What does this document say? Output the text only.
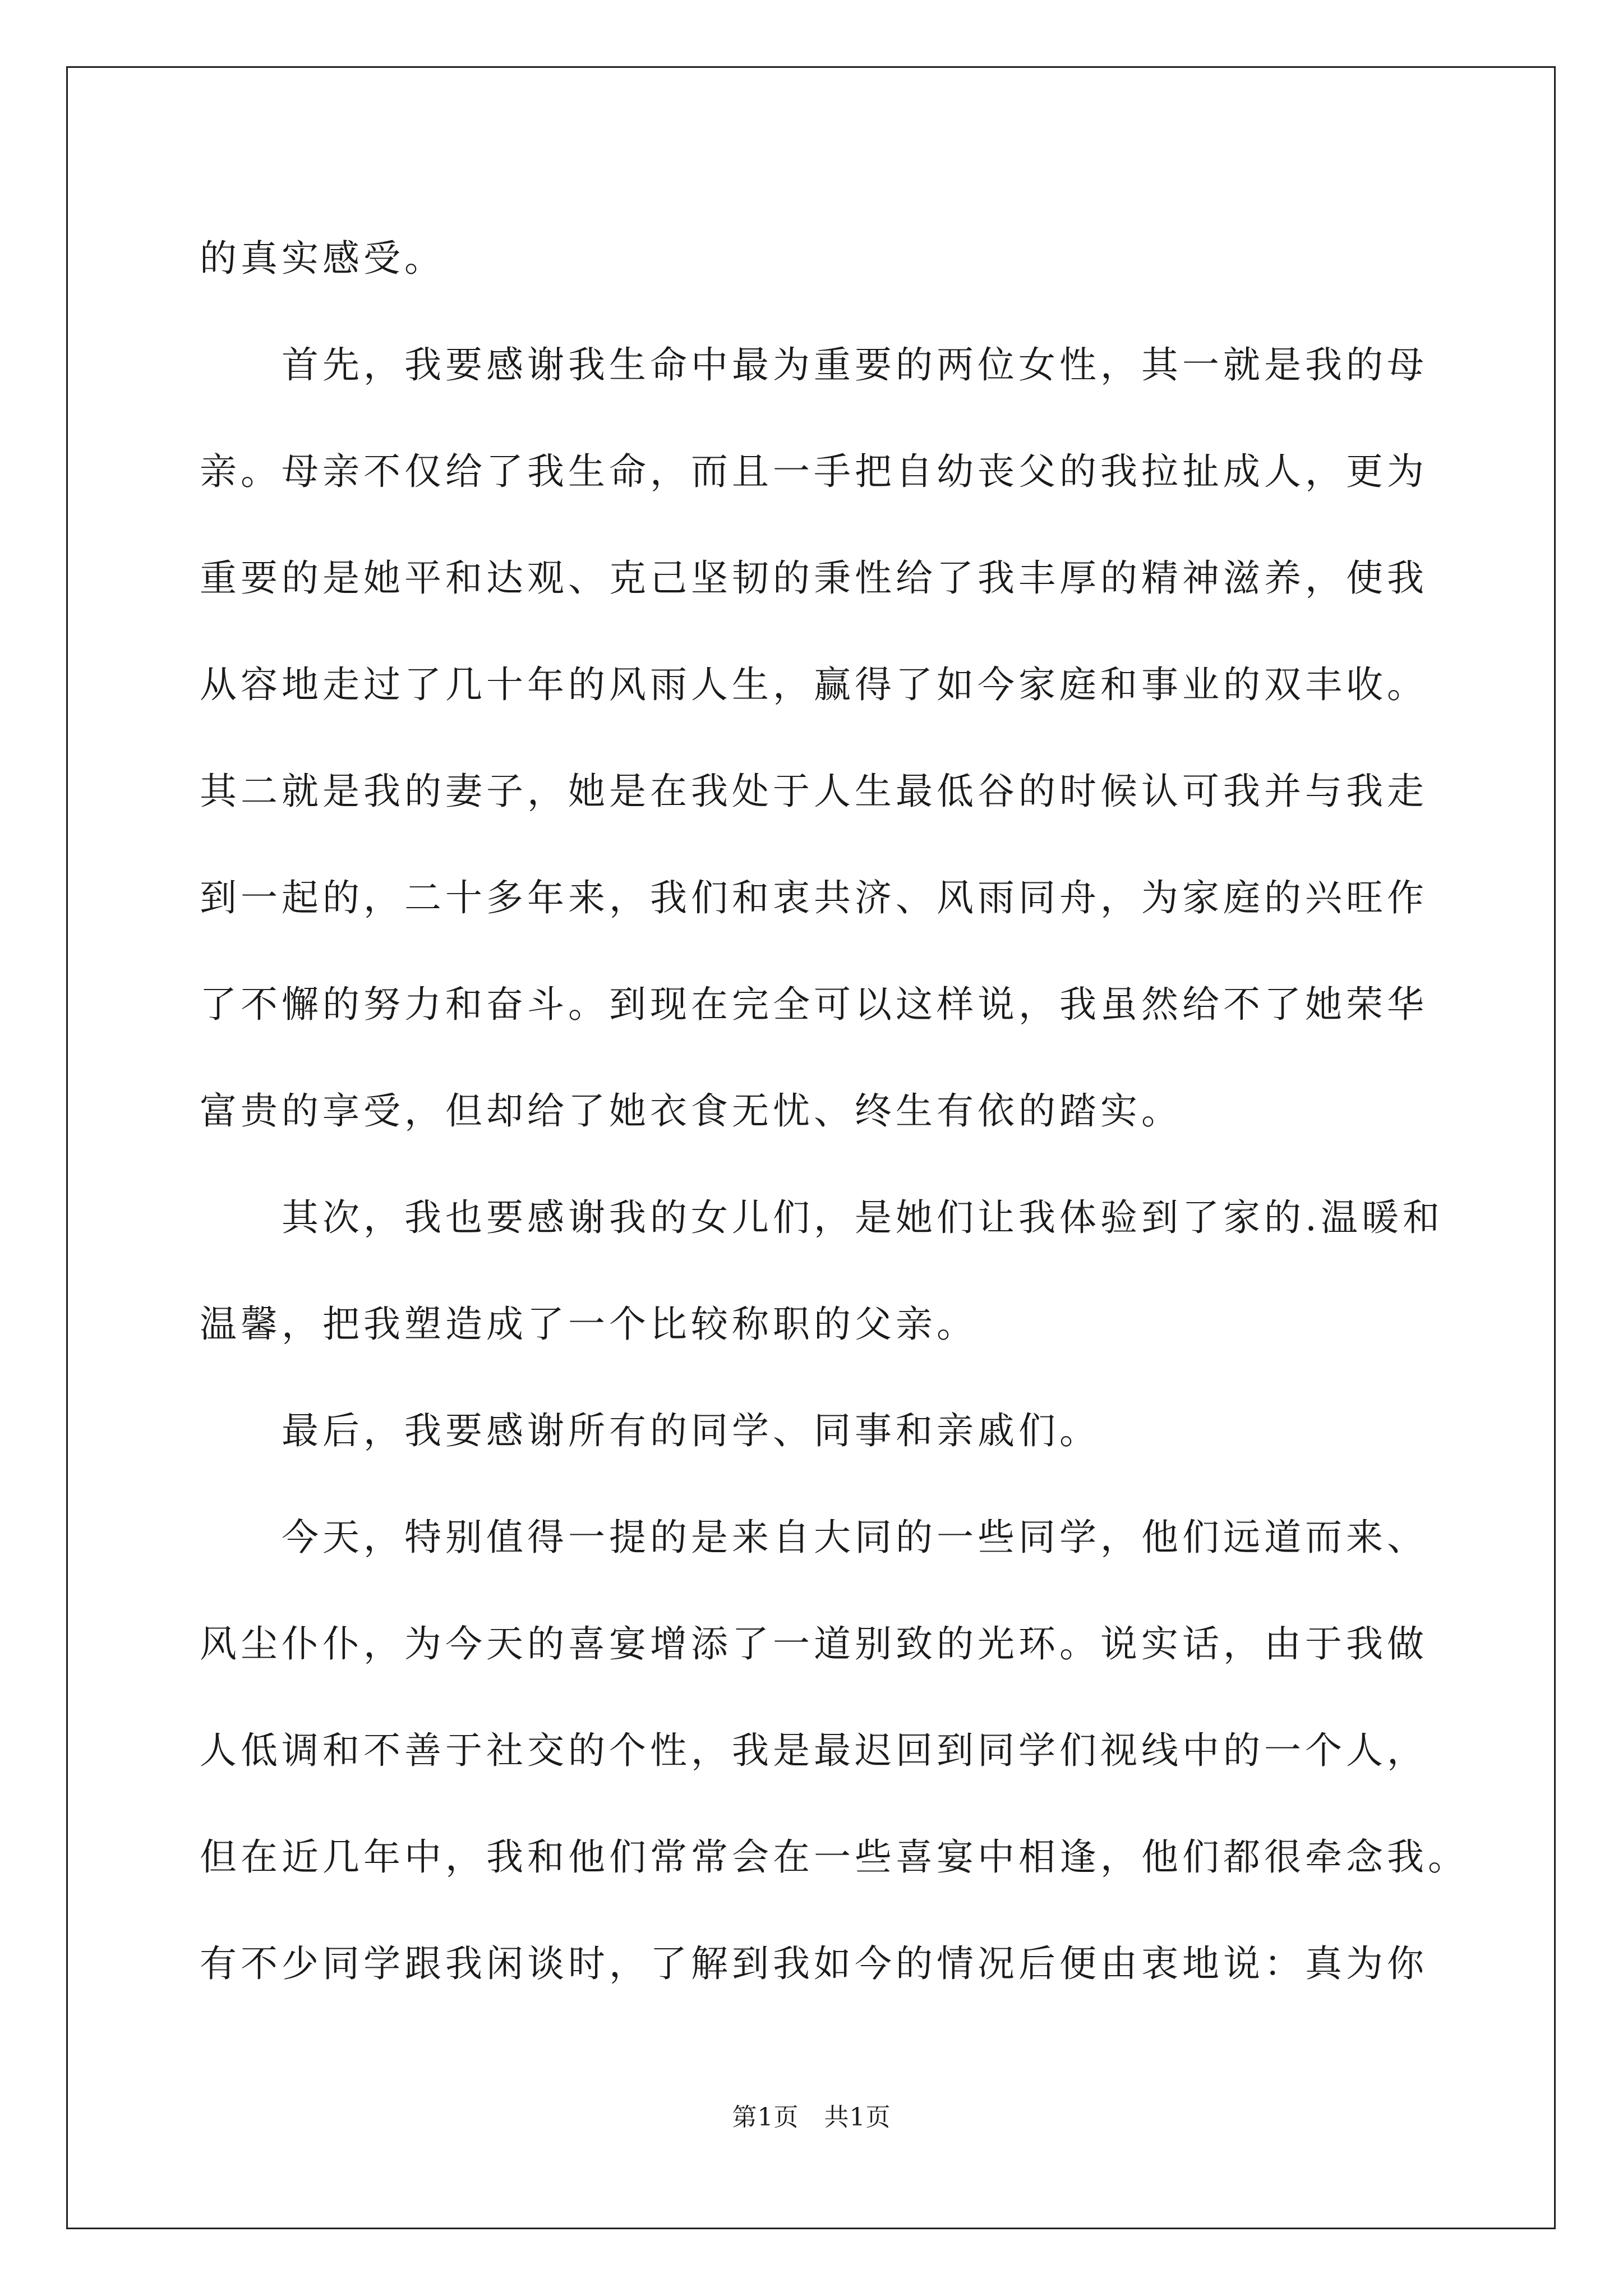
的真实感受。
　　首先，我要感谢我生命中最为重要的两位女性，其一就是我的母
亲。母亲不仅给了我生命，而且一手把自幼丧父的我拉扯成人，更为
重要的是她平和达观、克己坚韧的秉性给了我丰厚的精神滋养，使我
从容地走过了几十年的风雨人生，赢得了如今家庭和事业的双丰收。
其二就是我的妻子，她是在我处于人生最低谷的时候认可我并与我走
到一起的，二十多年来，我们和衷共济、风雨同舟，为家庭的兴旺作
了不懈的努力和奋斗。到现在完全可以这样说，我虽然给不了她荣华
富贵的享受，但却给了她衣食无忧、终生有依的踏实。
　　其次，我也要感谢我的女儿们，是她们让我体验到了家的.温暖和
温馨，把我塑造成了一个比较称职的父亲。
　　最后，我要感谢所有的同学、同事和亲戚们。
　　今天，特别值得一提的是来自大同的一些同学，他们远道而来、
风尘仆仆，为今天的喜宴增添了一道别致的光环。说实话，由于我做
人低调和不善于社交的个性，我是最迟回到同学们视线中的一个人，
但在近几年中，我和他们常常会在一些喜宴中相逢，他们都很牵念我。
有不少同学跟我闲谈时，了解到我如今的情况后便由衷地说：真为你
第1页　共1页
